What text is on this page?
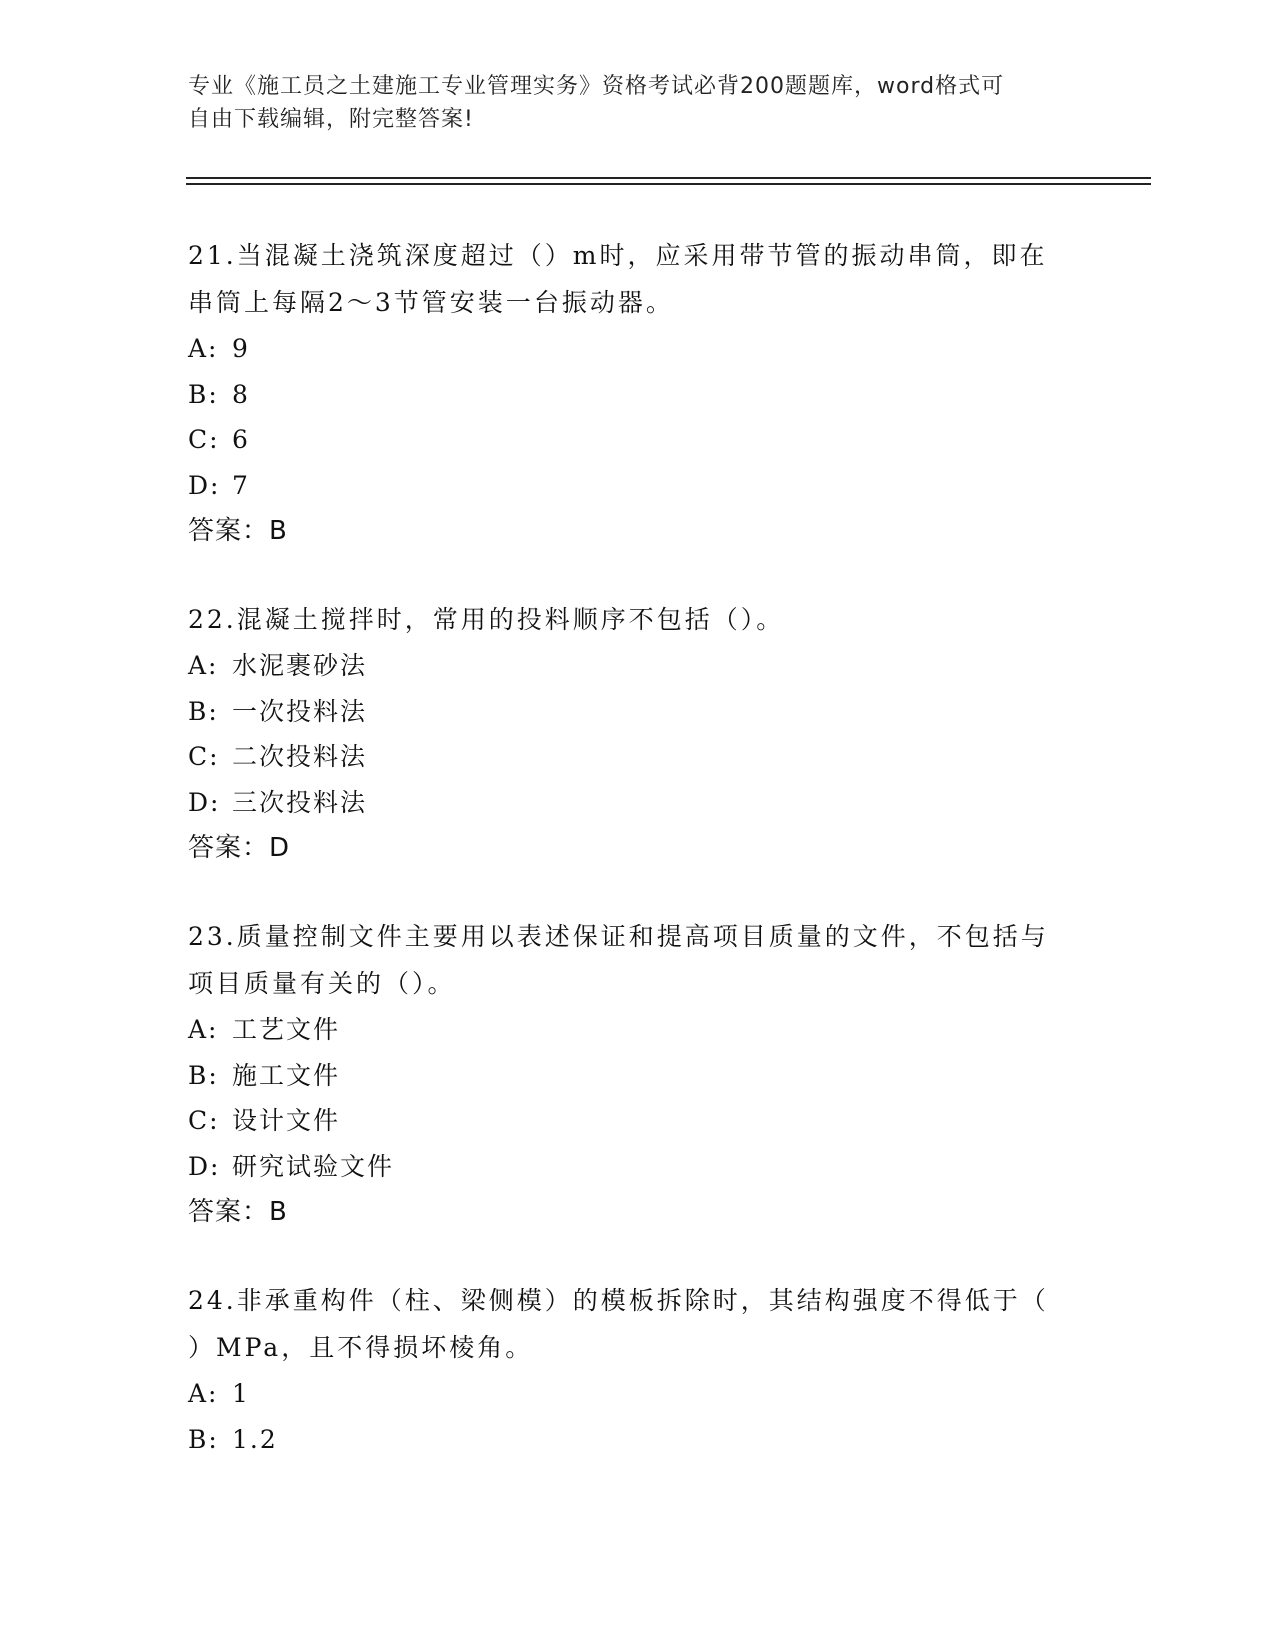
专业《施工员之土建施工专业管理实务》资格考试必背200题题库，word格式可
自由下载编辑，附完整答案!
21.当混凝土浇筑深度超过（）m时，应采用带节管的振动串筒，即在
串筒上每隔2～3节管安装一台振动器。
A: 9
B: 8
C: 6
D: 7
答案：B
22.混凝土搅拌时，常用的投料顺序不包括（）。
A: 水泥裹砂法
B: 一次投料法
C: 二次投料法
D: 三次投料法
答案：D
23.质量控制文件主要用以表述保证和提高项目质量的文件，不包括与
项目质量有关的（）。
A: 工艺文件
B: 施工文件
C: 设计文件
D: 研究试验文件
答案：B
24.非承重构件（柱、梁侧模）的模板拆除时，其结构强度不得低于（
）MPa，且不得损坏棱角。
A: 1
B: 1.2
